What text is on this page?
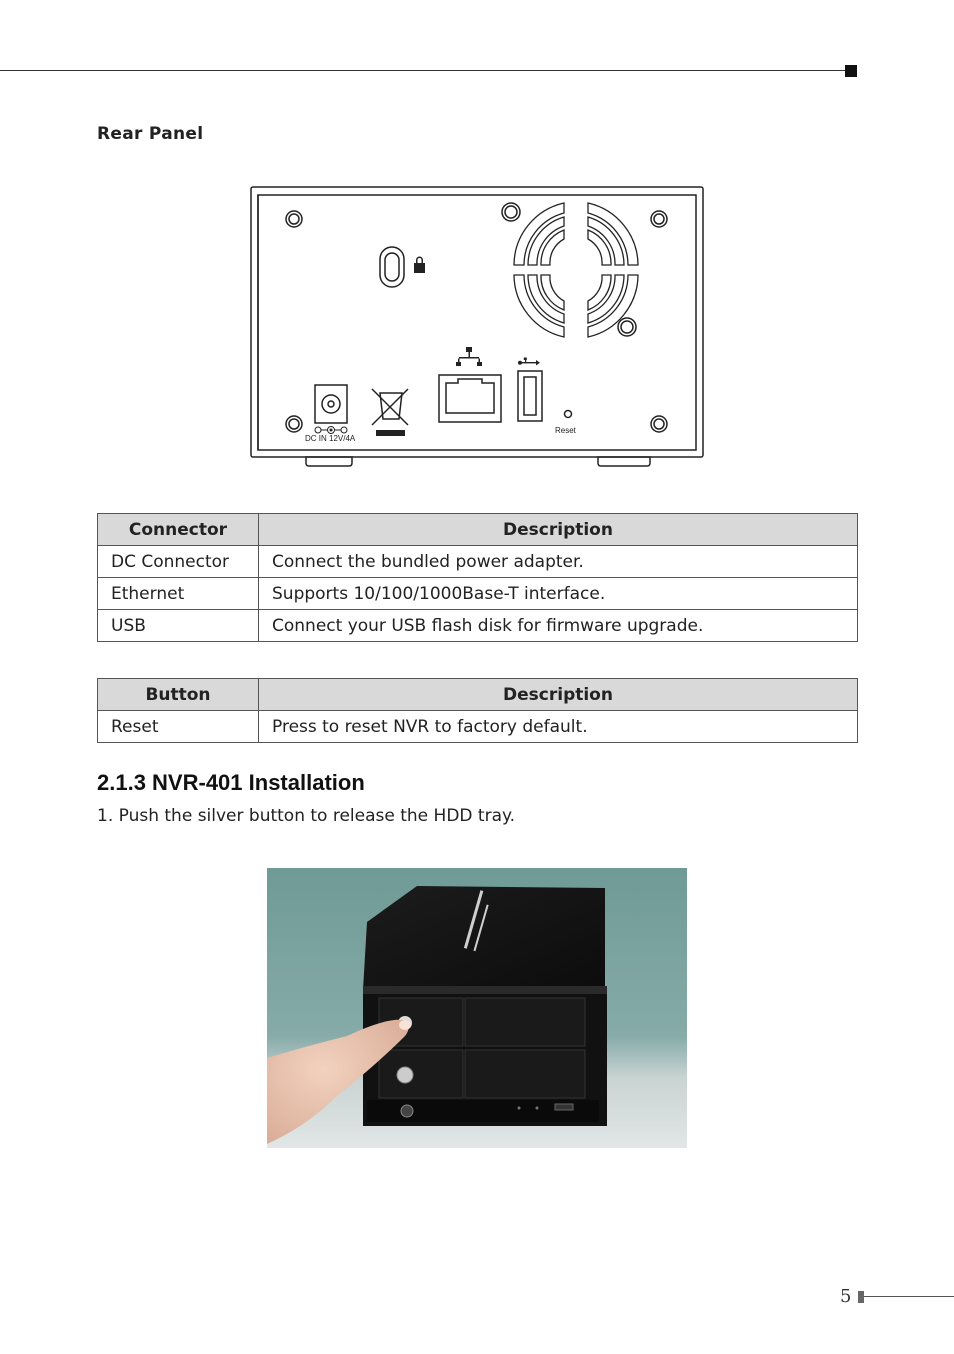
Rear Panel
DC IN 12V/4A
Reset
Connector	Description
DC Connector	Connect the bundled power adapter.
Ethernet	Supports 10/100/1000Base-T interface.
USB	Connect your USB flash disk for firmware upgrade.
Button	Description
Reset	Press to reset NVR to factory default.
2.1.3 NVR-401 Installation
1. Push the silver button to release the HDD tray.
5
